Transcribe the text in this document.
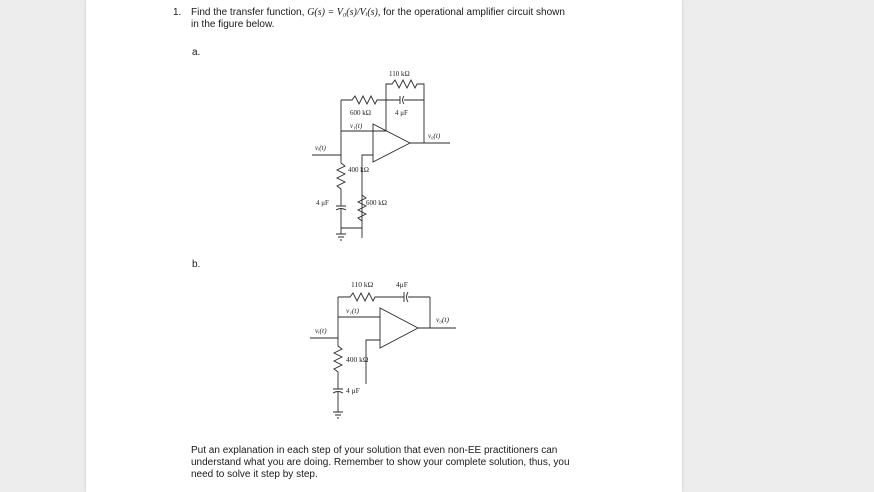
1. Find the transfer function, G(s) = V₀(s)/Vᵢ(s), for the operational amplifier circuit shown
in the figure below.
a.
b.
110 kΩ
600 kΩ	4 μF
v₁(t)
vᵢ(t)
v₀(t)
400 kΩ
4 μF	600 kΩ
110 kΩ	4μF
v₁(t)
vᵢ(t)
v₀(t)
400 kΩ
4 μF
Put an explanation in each step of your solution that even non-EE practitioners can
understand what you are doing. Remember to show your complete solution, thus, you
need to solve it step by step.
